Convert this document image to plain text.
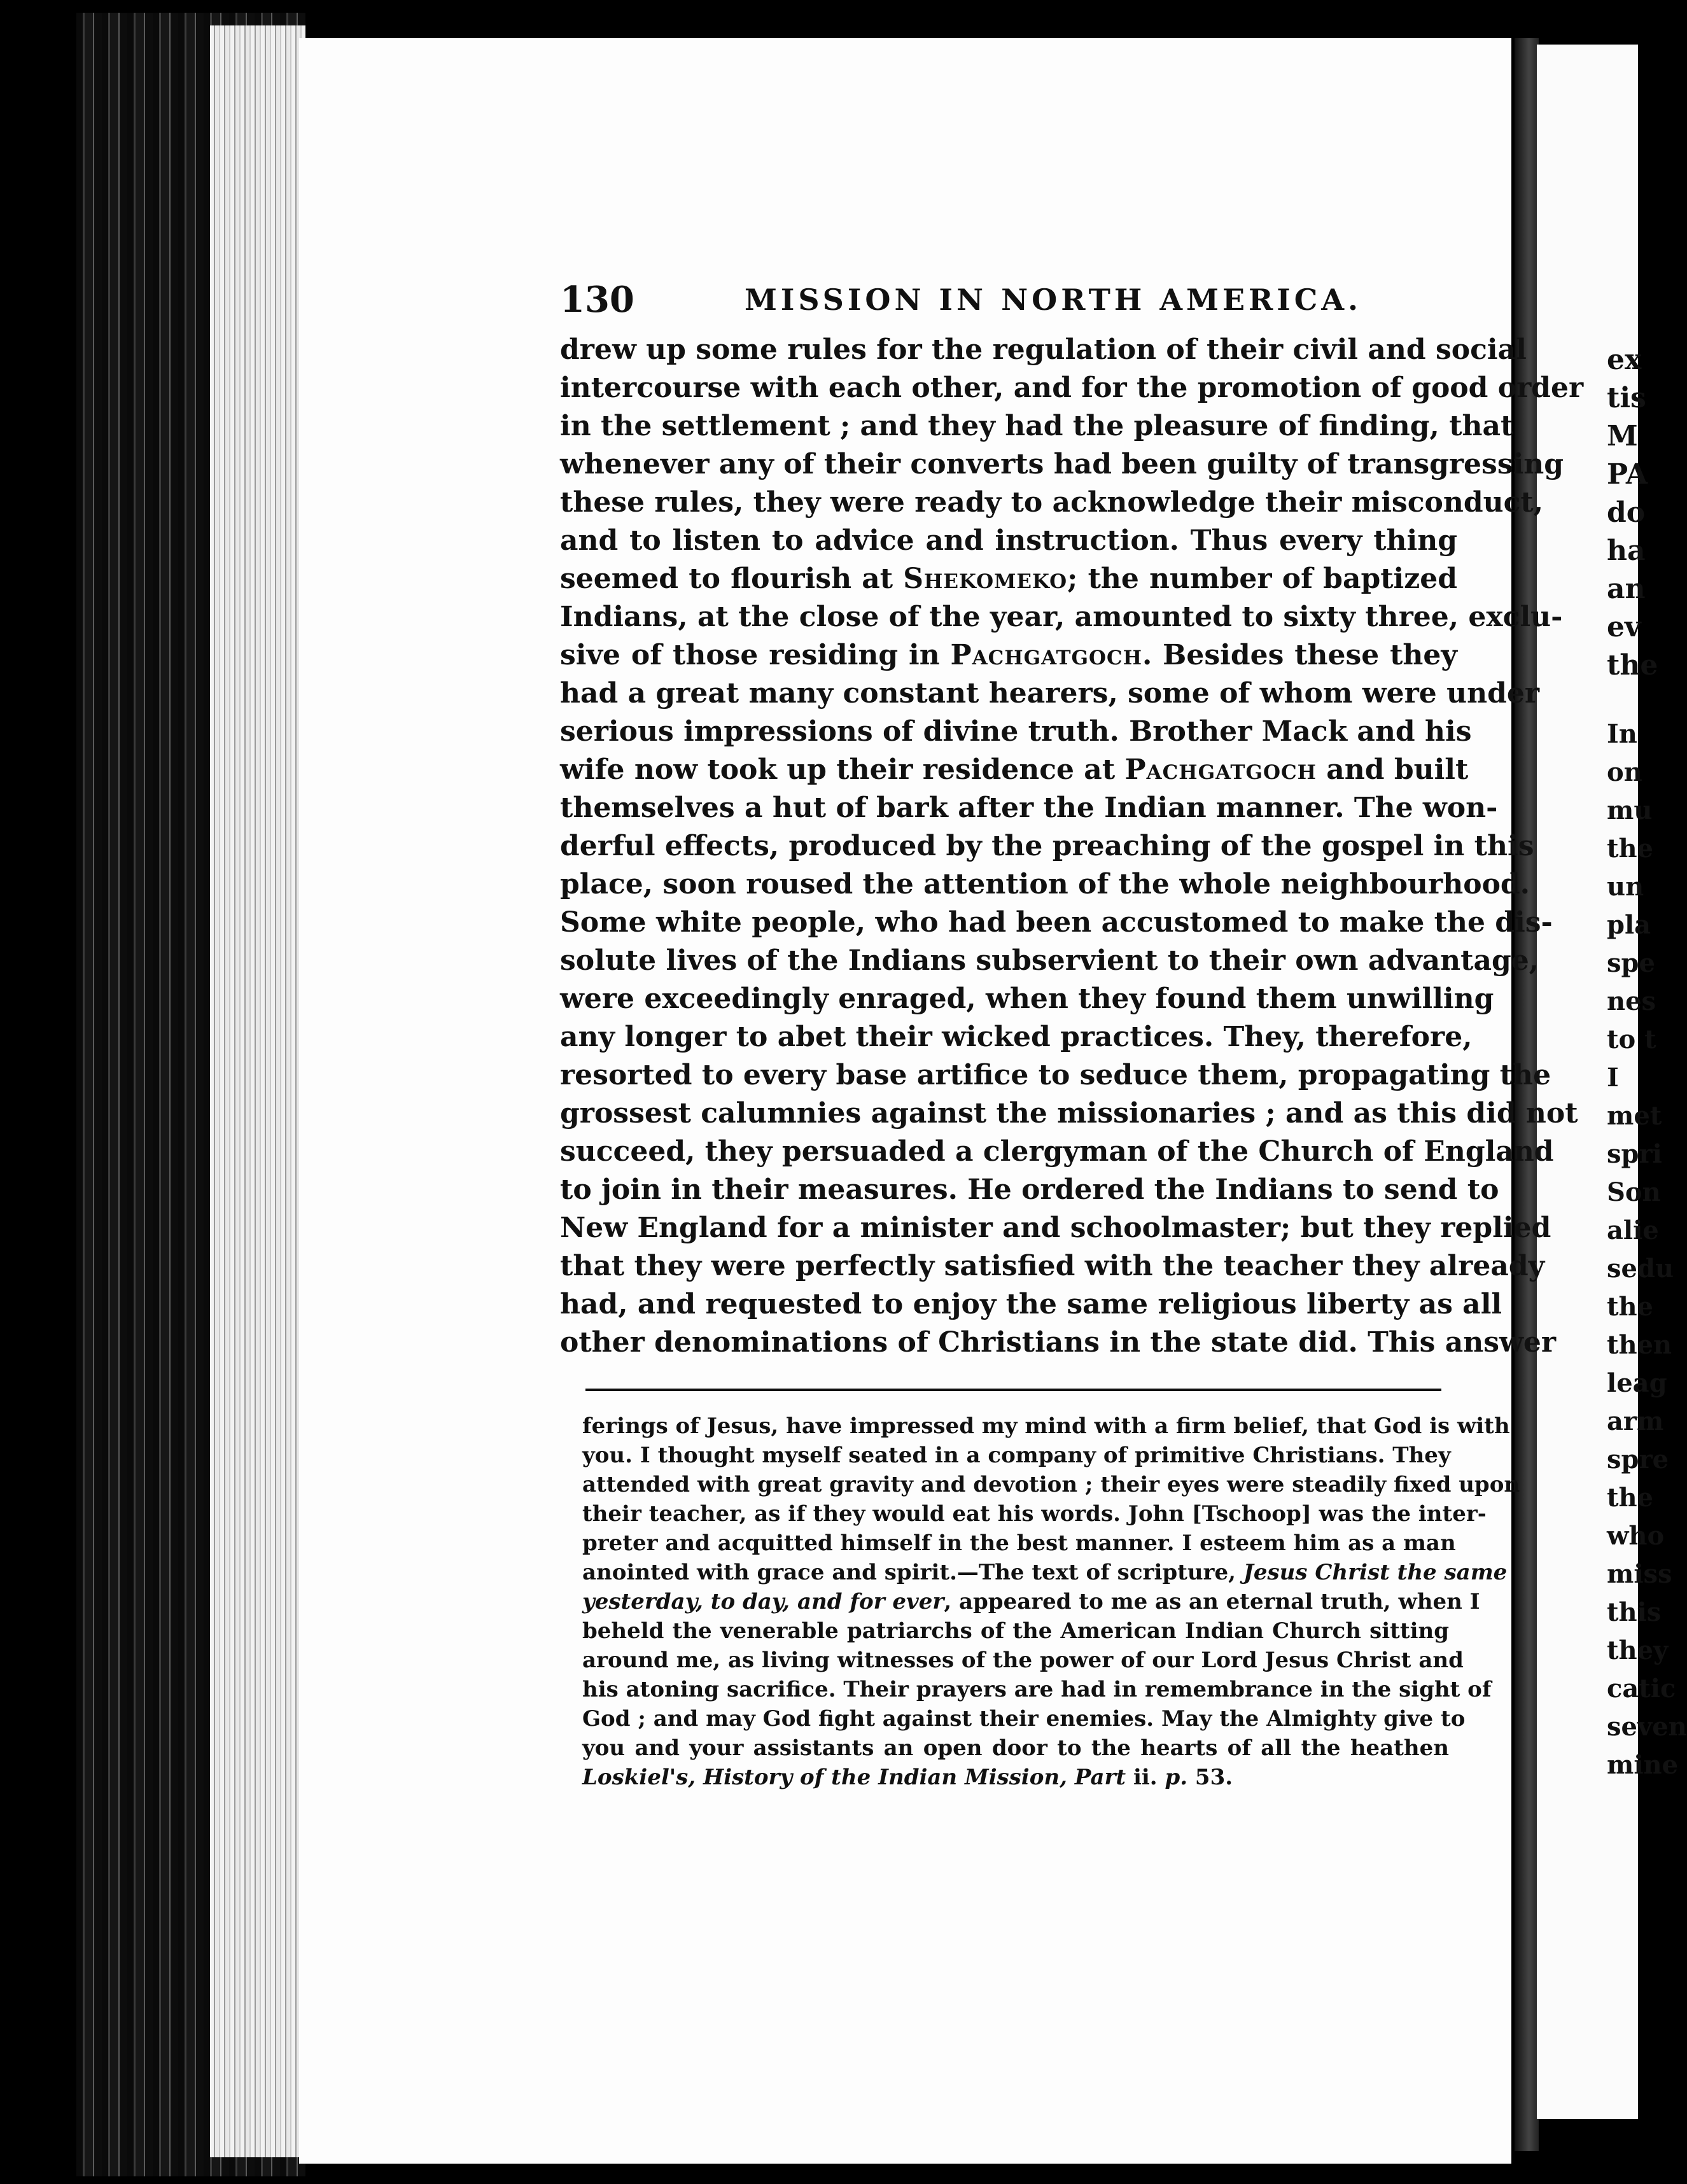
ex
tis
M
PA
do
ha
an
ev
the
In
on
mu
the
un
pla
spe
nes
to t
I
met
spri
Son
alie
sedu
the
then
leag
arm
spre
the
who
miss
this
they
catic
seven
mine
130	MISSION IN NORTH AMERICA.
drew up some rules for the regulation of their civil and social
intercourse with each other, and for the promotion of good order
in the settlement ; and they had the pleasure of finding, that
whenever any of their converts had been guilty of transgressing
these rules, they were ready to acknowledge their misconduct,
and to listen to advice and instruction. Thus every thing
seemed to flourish at Shekomeko; the number of baptized
Indians, at the close of the year, amounted to sixty three, exclu-
sive of those residing in Pachgatgoch. Besides these they
had a great many constant hearers, some of whom were under
serious impressions of divine truth. Brother Mack and his
wife now took up their residence at Pachgatgoch and built
themselves a hut of bark after the Indian manner. The won-
derful effects, produced by the preaching of the gospel in this
place, soon roused the attention of the whole neighbourhood.
Some white people, who had been accustomed to make the dis-
solute lives of the Indians subservient to their own advantage,
were exceedingly enraged, when they found them unwilling
any longer to abet their wicked practices. They, therefore,
resorted to every base artifice to seduce them, propagating the
grossest calumnies against the missionaries ; and as this did not
succeed, they persuaded a clergyman of the Church of England
to join in their measures. He ordered the Indians to send to
New England for a minister and schoolmaster; but they replied
that they were perfectly satisfied with the teacher they already
had, and requested to enjoy the same religious liberty as all
other denominations of Christians in the state did. This answer
ferings of Jesus, have impressed my mind with a firm belief, that God is with
you. I thought myself seated in a company of primitive Christians. They
attended with great gravity and devotion ; their eyes were steadily fixed upon
their teacher, as if they would eat his words. John [Tschoop] was the inter-
preter and acquitted himself in the best manner. I esteem him as a man
anointed with grace and spirit.—The text of scripture, Jesus Christ the same
yesterday, to day, and for ever, appeared to me as an eternal truth, when I
beheld the venerable patriarchs of the American Indian Church sitting
around me, as living witnesses of the power of our Lord Jesus Christ and
his atoning sacrifice. Their prayers are had in remembrance in the sight of
God ; and may God fight against their enemies. May the Almighty give to
you and your assistants an open door to the hearts of all the heathen
Loskiel's, History of the Indian Mission, Part ii. p. 53.
